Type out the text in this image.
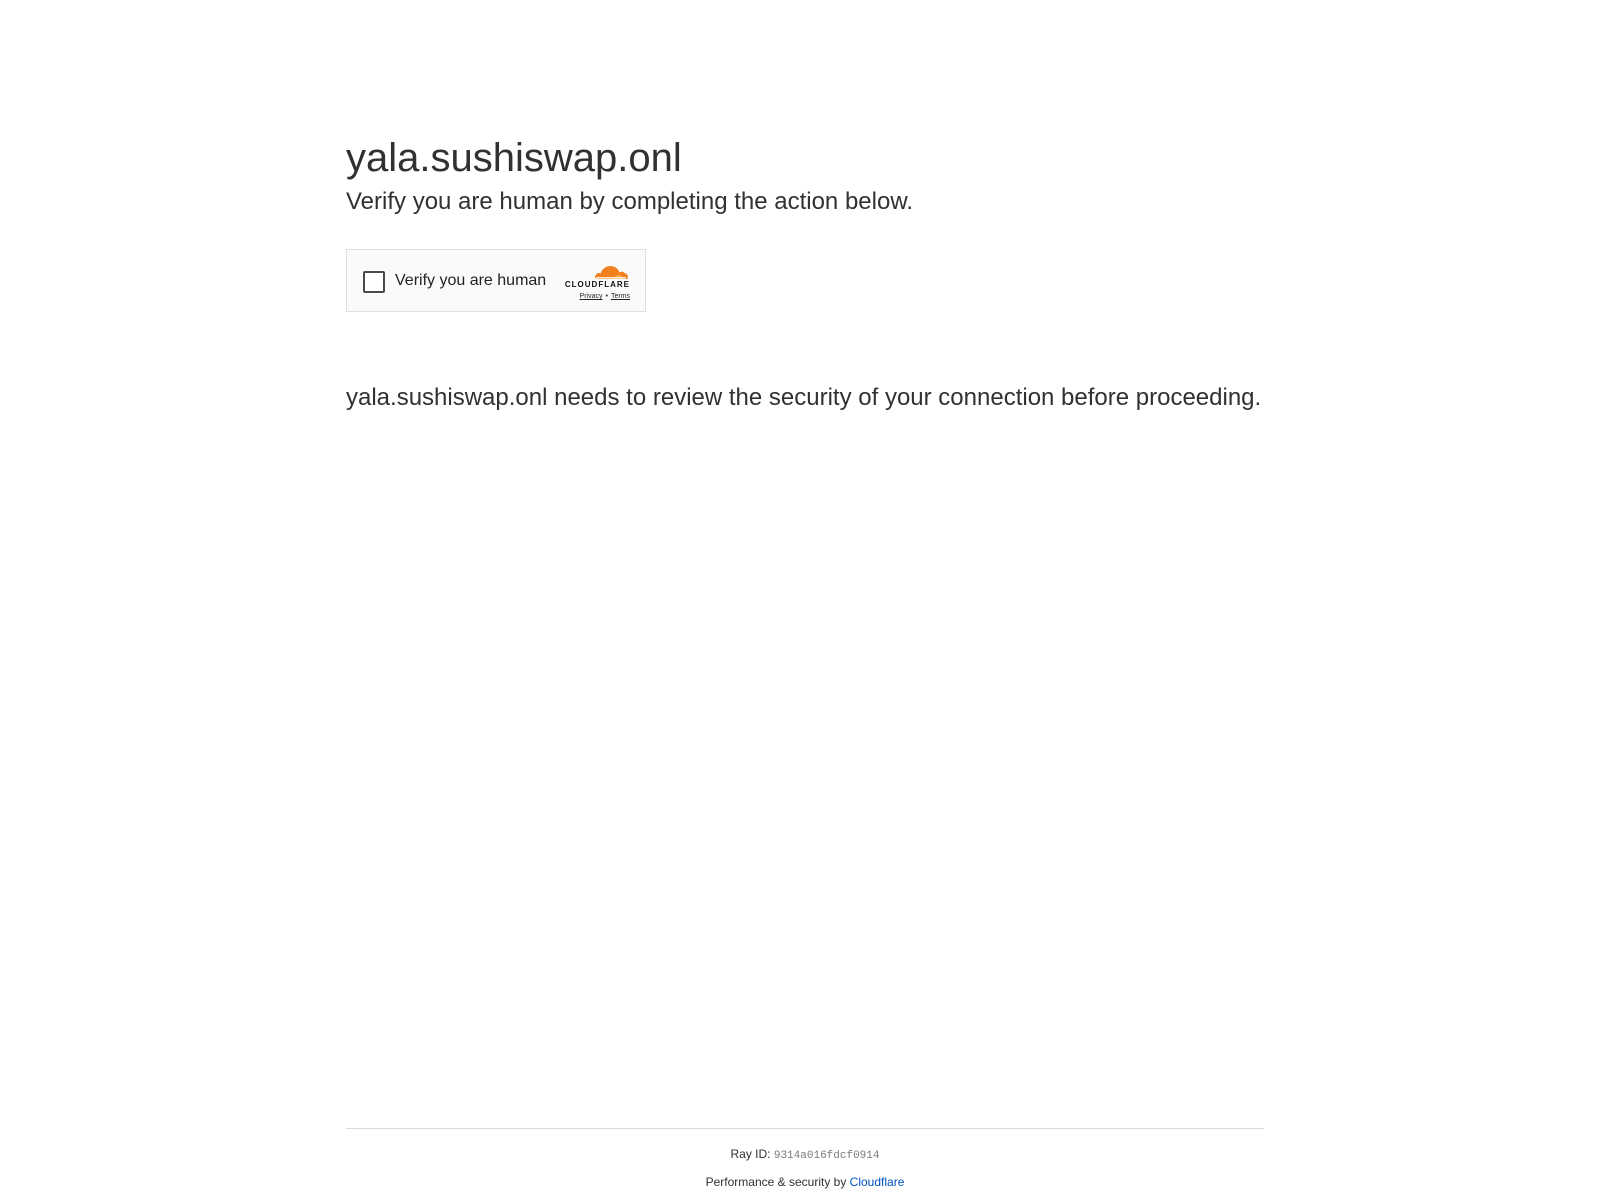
yala.sushiswap.onl
Verify you are human by completing the action below.
Verify you are human CLOUDFLARE
Privacy • Terms

yala.sushiswap.onl needs to review the security of your connection before proceeding.

Ray ID: 9314a016fdcf0914
Performance & security by Cloudflare
